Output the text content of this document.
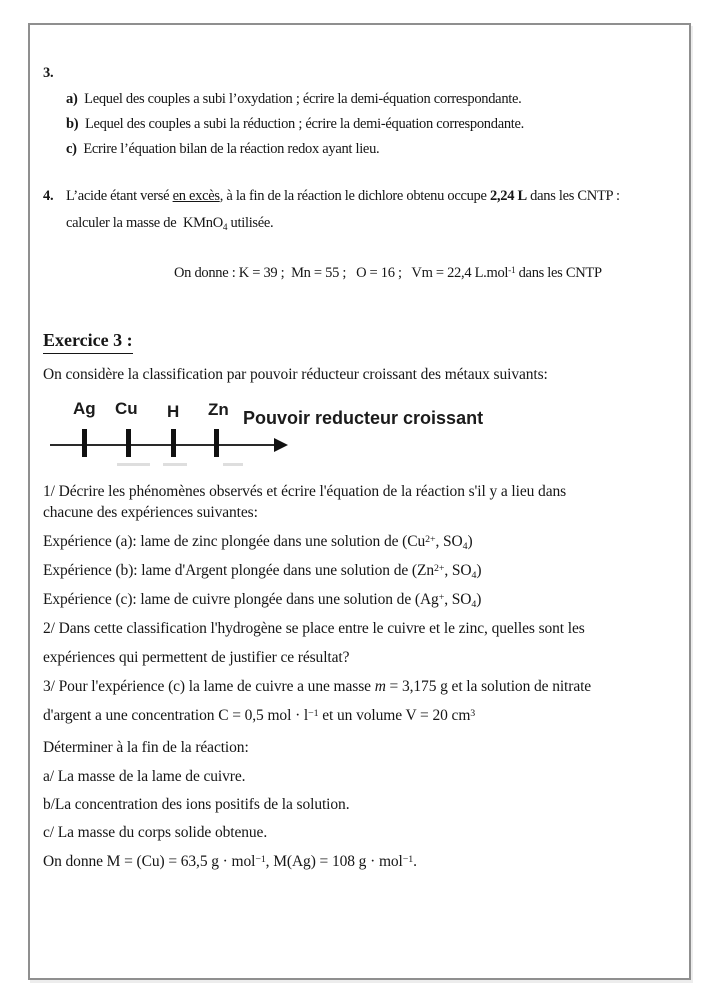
3.
a) Lequel des couples a subi l’oxydation ; écrire la demi-équation correspondante.
b) Lequel des couples a subi la réduction ; écrire la demi-équation correspondante.
c) Ecrire l’équation bilan de la réaction redox ayant lieu.
4. L’acide étant versé en excès, à la fin de la réaction le dichlore obtenu occupe 2,24 L dans les CNTP :
calculer la masse de  KMnO4 utilisée.
On donne : K = 39 ;  Mn = 55 ;   O = 16 ;   Vm = 22,4 L.mol$^{-1}$ dans les CNTP
Exercice 3 :
On considère la classification par pouvoir réducteur croissant des métaux suivants:
Ag Cu H Zn Pouvoir reducteur croissant
1/ Décrire les phénomènes observés et écrire l'équation de la réaction s'il y a lieu dans
chacune des expériences suivantes:
Expérience (a): lame de zinc plongée dans une solution de ($Cu^{2+}$, SO4)
Expérience (b): lame d'Argent plongée dans une solution de ($Zn^{2+}$, SO4)
Expérience (c): lame de cuivre plongée dans une solution de (Ag+, SO4)
2/ Dans cette classification l'hydrogène se place entre le cuivre et le zinc, quelles sont les
expériences qui permettent de justifier ce résultat?
3/ Pour l'expérience (c) la lame de cuivre a une masse m = 3,175 g et la solution de nitrate
d'argent a une concentration C = 0,5 mol · $l^{-1}$ et un volume V = 20 $cm^3$
Déterminer à la fin de la réaction:
a/ La masse de la lame de cuivre.
b/La concentration des ions positifs de la solution.
c/ La masse du corps solide obtenue.
On donne M = (Cu) = 63,5 g · mol$^{-1}$, M(Ag) = 108 g · mol$^{-1}$.
